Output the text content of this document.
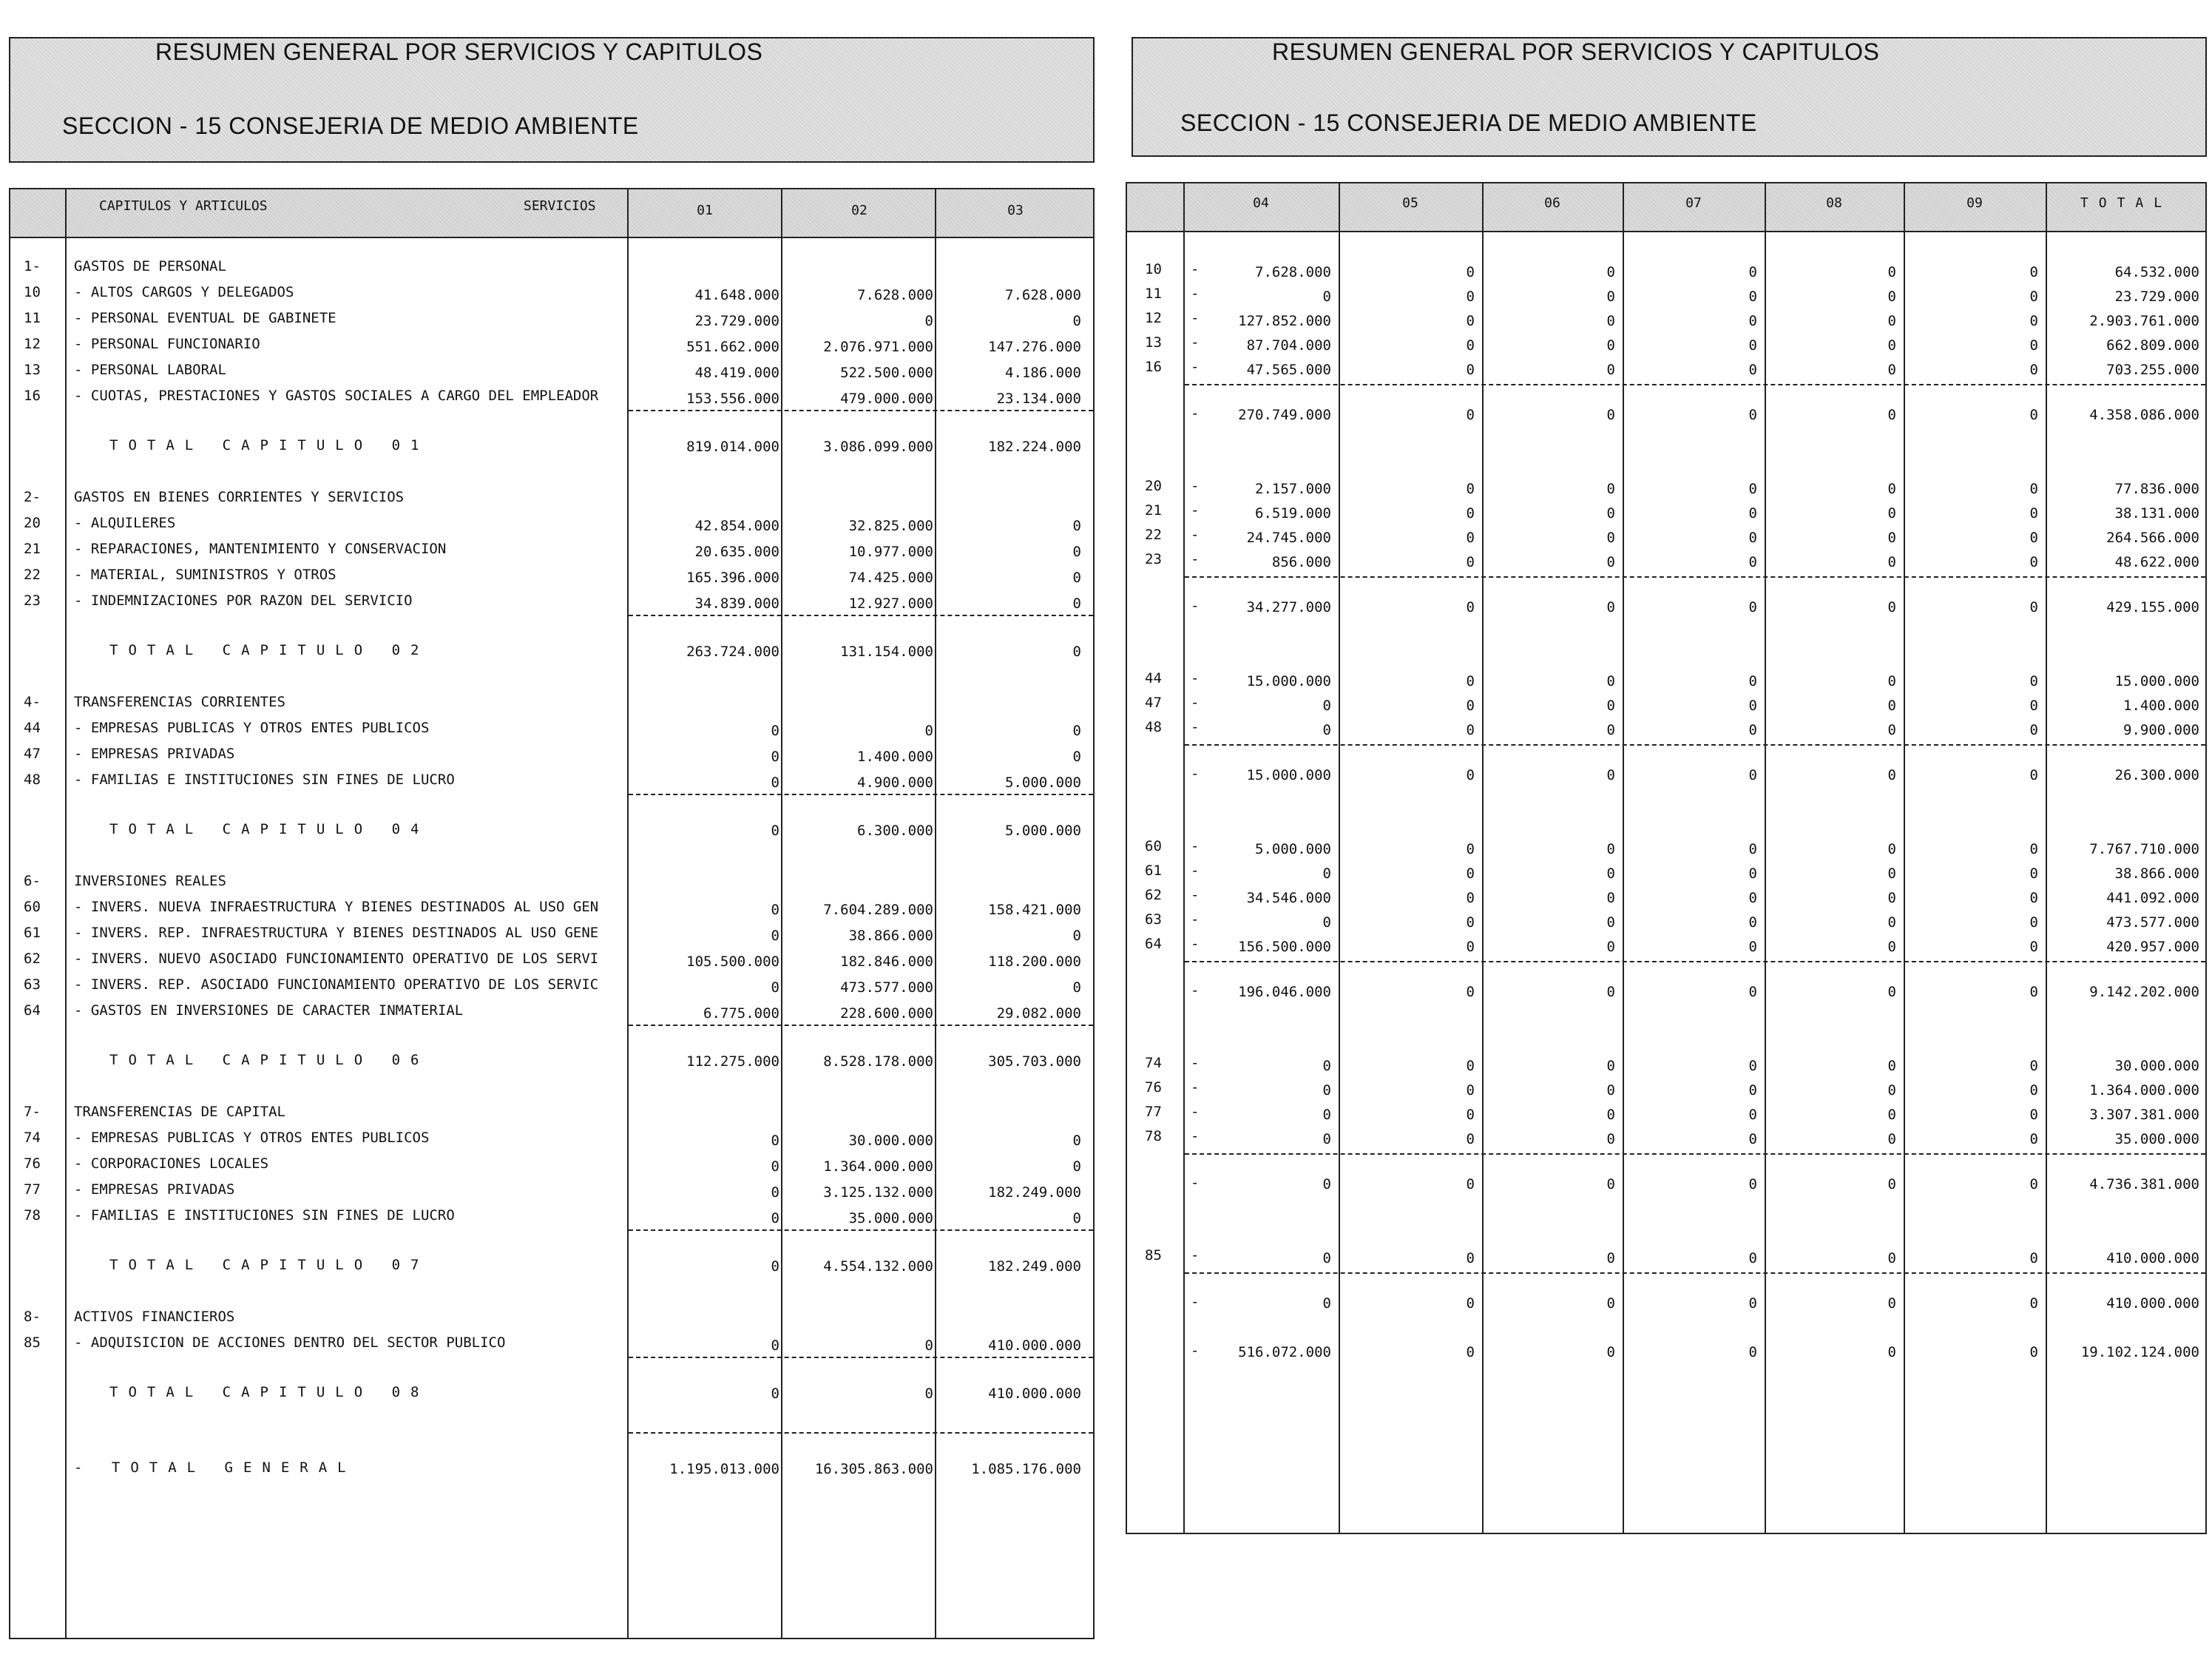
RESUMEN GENERAL POR SERVICIOS Y CAPITULOS
SECCION - 15 CONSEJERIA DE MEDIO AMBIENTE
CAPITULOS Y ARTICULOS	SERVICIOS	01	02	03
1- GASTOS DE PERSONAL
10 - ALTOS CARGOS Y DELEGADOS	41.648.000	7.628.000	7.628.000
11 - PERSONAL EVENTUAL DE GABINETE	23.729.000	0	0
12 - PERSONAL FUNCIONARIO	551.662.000	2.076.971.000	147.276.000
13 - PERSONAL LABORAL	48.419.000	522.500.000	4.186.000
16 - CUOTAS, PRESTACIONES Y GASTOS SOCIALES A CARGO DEL EMPLEADOR	153.556.000	479.000.000	23.134.000
TOTAL CAPITULO 01	819.014.000	3.086.099.000	182.224.000
2- GASTOS EN BIENES CORRIENTES Y SERVICIOS
20 - ALQUILERES	42.854.000	32.825.000	0
21 - REPARACIONES, MANTENIMIENTO Y CONSERVACION	20.635.000	10.977.000	0
22 - MATERIAL, SUMINISTROS Y OTROS	165.396.000	74.425.000	0
23 - INDEMNIZACIONES POR RAZON DEL SERVICIO	34.839.000	12.927.000	0
TOTAL CAPITULO 02	263.724.000	131.154.000	0
4- TRANSFERENCIAS CORRIENTES
44 - EMPRESAS PUBLICAS Y OTROS ENTES PUBLICOS	0	0	0
47 - EMPRESAS PRIVADAS	0	1.400.000	0
48 - FAMILIAS E INSTITUCIONES SIN FINES DE LUCRO	0	4.900.000	5.000.000
TOTAL CAPITULO 04	0	6.300.000	5.000.000
6- INVERSIONES REALES
60 - INVERS. NUEVA INFRAESTRUCTURA Y BIENES DESTINADOS AL USO GEN	0	7.604.289.000	158.421.000
61 - INVERS. REP. INFRAESTRUCTURA Y BIENES DESTINADOS AL USO GENE	0	38.866.000	0
62 - INVERS. NUEVO ASOCIADO FUNCIONAMIENTO OPERATIVO DE LOS SERVI	105.500.000	182.846.000	118.200.000
63 - INVERS. REP. ASOCIADO FUNCIONAMIENTO OPERATIVO DE LOS SERVIC	0	473.577.000	0
64 - GASTOS EN INVERSIONES DE CARACTER INMATERIAL	6.775.000	228.600.000	29.082.000
TOTAL CAPITULO 06	112.275.000	8.528.178.000	305.703.000
7- TRANSFERENCIAS DE CAPITAL
74 - EMPRESAS PUBLICAS Y OTROS ENTES PUBLICOS	0	30.000.000	0
76 - CORPORACIONES LOCALES	0	1.364.000.000	0
77 - EMPRESAS PRIVADAS	0	3.125.132.000	182.249.000
78 - FAMILIAS E INSTITUCIONES SIN FINES DE LUCRO	0	35.000.000	0
TOTAL CAPITULO 07	0	4.554.132.000	182.249.000
8- ACTIVOS FINANCIEROS
85 - ADQUISICION DE ACCIONES DENTRO DEL SECTOR PUBLICO	0	0	410.000.000
TOTAL CAPITULO 08	0	0	410.000.000
- TOTAL GENERAL	1.195.013.000	16.305.863.000	1.085.176.000
RESUMEN GENERAL POR SERVICIOS Y CAPITULOS
SECCION - 15 CONSEJERIA DE MEDIO AMBIENTE
04	05	06	07	08	09	TOTAL
10 -	7.628.000	0	0	0	0	0	64.532.000
11 -	0	0	0	0	0	0	23.729.000
12 -	127.852.000	0	0	0	0	0	2.903.761.000
13 -	87.704.000	0	0	0	0	0	662.809.000
16 -	47.565.000	0	0	0	0	0	703.255.000
-	270.749.000	0	0	0	0	0	4.358.086.000
20 -	2.157.000	0	0	0	0	0	77.836.000
21 -	6.519.000	0	0	0	0	0	38.131.000
22 -	24.745.000	0	0	0	0	0	264.566.000
23 -	856.000	0	0	0	0	0	48.622.000
-	34.277.000	0	0	0	0	0	429.155.000
44 -	15.000.000	0	0	0	0	0	15.000.000
47 -	0	0	0	0	0	0	1.400.000
48 -	0	0	0	0	0	0	9.900.000
-	15.000.000	0	0	0	0	0	26.300.000
60 -	5.000.000	0	0	0	0	0	7.767.710.000
61 -	0	0	0	0	0	0	38.866.000
62 -	34.546.000	0	0	0	0	0	441.092.000
63 -	0	0	0	0	0	0	473.577.000
64 -	156.500.000	0	0	0	0	0	420.957.000
-	196.046.000	0	0	0	0	0	9.142.202.000
74 -	0	0	0	0	0	0	30.000.000
76 -	0	0	0	0	0	0	1.364.000.000
77 -	0	0	0	0	0	0	3.307.381.000
78 -	0	0	0	0	0	0	35.000.000
-	0	0	0	0	0	0	4.736.381.000
85 -	0	0	0	0	0	0	410.000.000
-	0	0	0	0	0	0	410.000.000
-	516.072.000	0	0	0	0	0	19.102.124.000
